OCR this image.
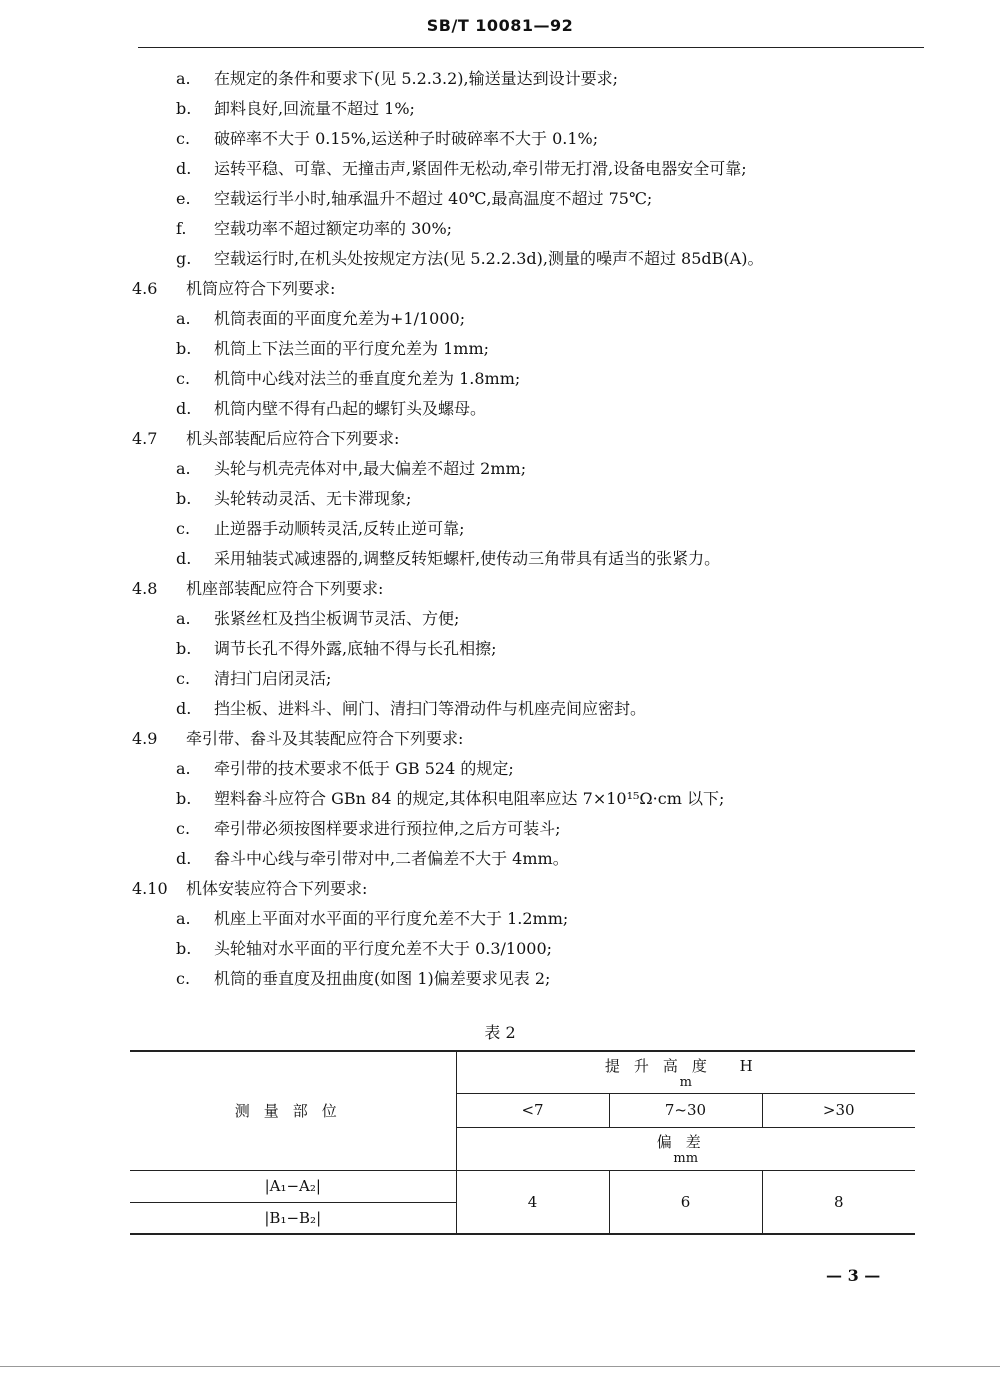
SB/T 10081—92
a. 在规定的条件和要求下(见 5.2.3.2),输送量达到设计要求;
b. 卸料良好,回流量不超过 1%;
c. 破碎率不大于 0.15%,运送种子时破碎率不大于 0.1%;
d. 运转平稳、可靠、无撞击声,紧固件无松动,牵引带无打滑,设备电器安全可靠;
e. 空载运行半小时,轴承温升不超过 40℃,最高温度不超过 75℃;
f. 空载功率不超过额定功率的 30%;
g. 空载运行时,在机头处按规定方法(见 5.2.2.3d),测量的噪声不超过 85dB(A)。
4.6 机筒应符合下列要求:
a. 机筒表面的平面度允差为+1/1000;
b. 机筒上下法兰面的平行度允差为 1mm;
c. 机筒中心线对法兰的垂直度允差为 1.8mm;
d. 机筒内壁不得有凸起的螺钉头及螺母。
4.7 机头部装配后应符合下列要求:
a. 头轮与机壳壳体对中,最大偏差不超过 2mm;
b. 头轮转动灵活、无卡滞现象;
c. 止逆器手动顺转灵活,反转止逆可靠;
d. 采用轴装式减速器的,调整反转矩螺杆,使传动三角带具有适当的张紧力。
4.8 机座部装配应符合下列要求:
a. 张紧丝杠及挡尘板调节灵活、方便;
b. 调节长孔不得外露,底轴不得与长孔相擦;
c. 清扫门启闭灵活;
d. 挡尘板、进料斗、闸门、清扫门等滑动件与机座壳间应密封。
4.9 牵引带、畚斗及其装配应符合下列要求:
a. 牵引带的技术要求不低于 GB 524 的规定;
b. 塑料畚斗应符合 GBn 84 的规定,其体积电阻率应达 7×10¹⁵Ω·cm 以下;
c. 牵引带必须按图样要求进行预拉伸,之后方可装斗;
d. 畚斗中心线与牵引带对中,二者偏差不大于 4mm。
4.10 机体安装应符合下列要求:
a. 机座上平面对水平面的平行度允差不大于 1.2mm;
b. 头轮轴对水平面的平行度允差不大于 0.3/1000;
c. 机筒的垂直度及扭曲度(如图 1)偏差要求见表 2;
表 2
测量部位	提升高度 H
m		

	<7	7~30	>30
	偏差
mm		

|A₁−A₂|	4	6	8
|B₁−B₂|			
— 3 —
